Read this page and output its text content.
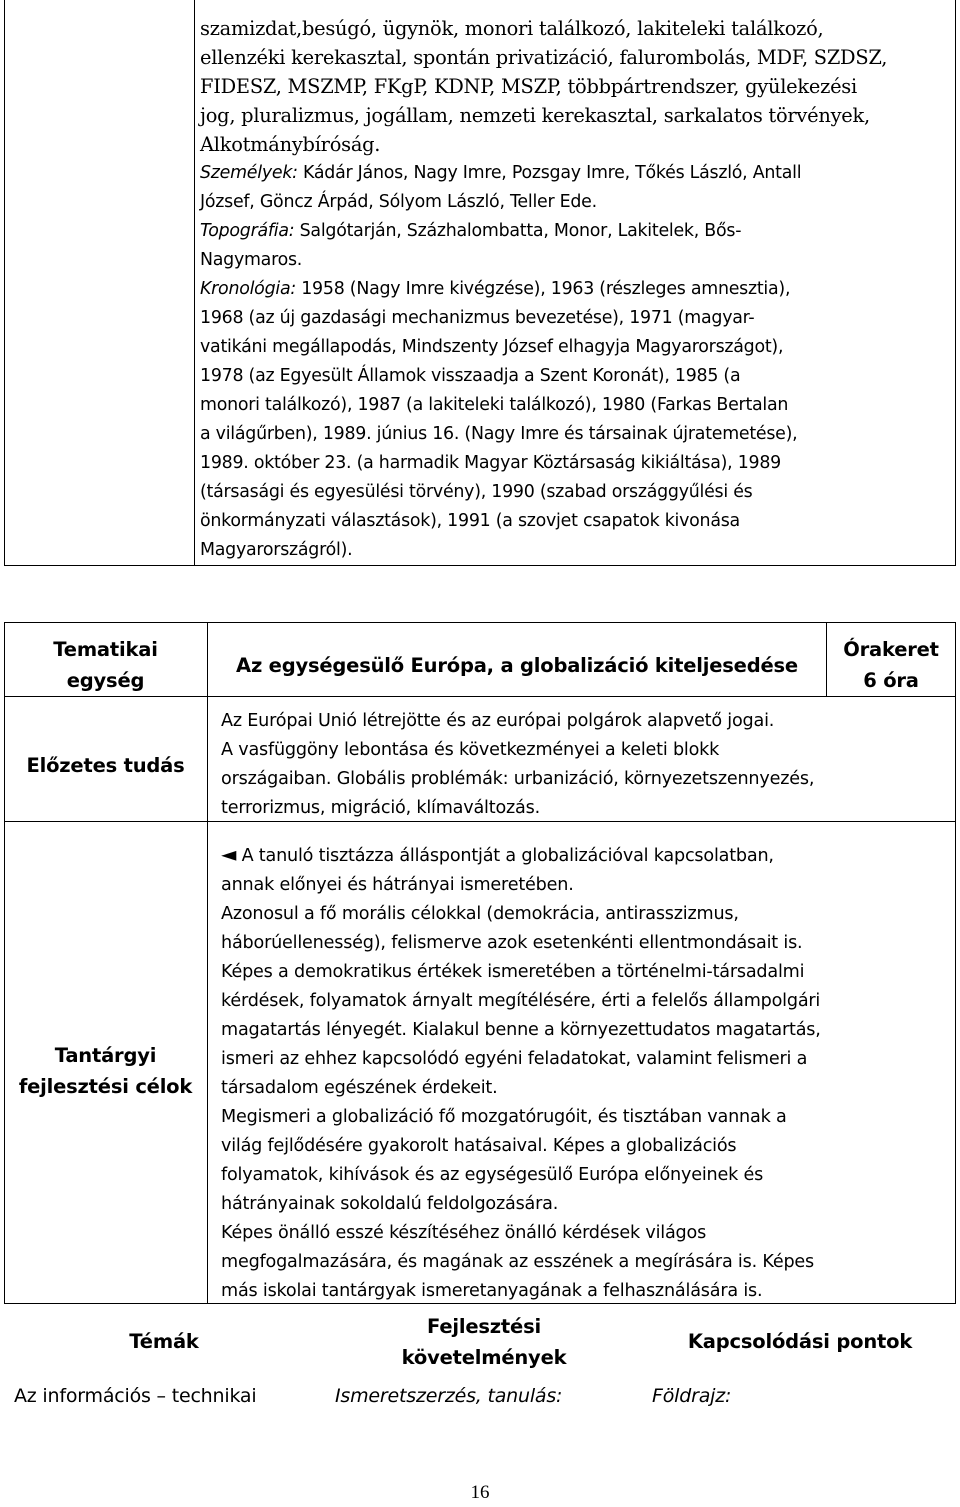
szamizdat,besúgó, ügynök, monori találkozó, lakiteleki találkozó,
ellenzéki kerekasztal, spontán privatizáció, falurombolás, MDF, SZDSZ,
FIDESZ, MSZMP, FKgP, KDNP, MSZP, többpártrendszer, gyülekezési
jog, pluralizmus, jogállam, nemzeti kerekasztal, sarkalatos törvények,
Alkotmánybíróság.
Személyek: Kádár János, Nagy Imre, Pozsgay Imre, Tőkés László, Antall
József, Göncz Árpád, Sólyom László, Teller Ede.
Topográfia: Salgótarján, Százhalombatta, Monor, Lakitelek, Bős-
Nagymaros.
Kronológia: 1958 (Nagy Imre kivégzése), 1963 (részleges amnesztia),
1968 (az új gazdasági mechanizmus bevezetése), 1971 (magyar-
vatikáni megállapodás, Mindszenty József elhagyja Magyarországot),
1978 (az Egyesült Államok visszaadja a Szent Koronát), 1985 (a
monori találkozó), 1987 (a lakiteleki találkozó), 1980 (Farkas Bertalan
a világűrben), 1989. június 16. (Nagy Imre és társainak újratemetése),
1989. október 23. (a harmadik Magyar Köztársaság kikiáltása), 1989
(társasági és egyesülési törvény), 1990 (szabad országgyűlési és
önkormányzati választások), 1991 (a szovjet csapatok kivonása
Magyarországról).
Tematikai
egység
Az egységesülő Európa, a globalizáció kiteljesedése
Órakeret
6 óra
Előzetes tudás
Az Európai Unió létrejötte és az európai polgárok alapvető jogai.
A vasfüggöny lebontása és következményei a keleti blokk
országaiban. Globális problémák: urbanizáció, környezetszennyezés,
terrorizmus, migráció, klímaváltozás.
Tantárgyi
fejlesztési célok
◄ A tanuló tisztázza álláspontját a globalizációval kapcsolatban,
annak előnyei és hátrányai ismeretében.
Azonosul a fő morális célokkal (demokrácia, antirasszizmus,
háborúellenesség), felismerve azok esetenkénti ellentmondásait is.
Képes a demokratikus értékek ismeretében a történelmi-társadalmi
kérdések, folyamatok árnyalt megítélésére, érti a felelős állampolgári
magatartás lényegét. Kialakul benne a környezettudatos magatartás,
ismeri az ehhez kapcsolódó egyéni feladatokat, valamint felismeri a
társadalom egészének érdekeit.
Megismeri a globalizáció fő mozgatórugóit, és tisztában vannak a
világ fejlődésére gyakorolt hatásaival. Képes a globalizációs
folyamatok, kihívások és az egységesülő Európa előnyeinek és
hátrányainak sokoldalú feldolgozására.
Képes önálló esszé készítéséhez önálló kérdések világos
megfogalmazására, és magának az esszének a megírására is. Képes
más iskolai tantárgyak ismeretanyagának a felhasználására is.
Témák
Fejlesztési
követelmények
Kapcsolódási pontok
Az információs – technikai	Ismeretszerzés, tanulás:	Földrajz:
16
